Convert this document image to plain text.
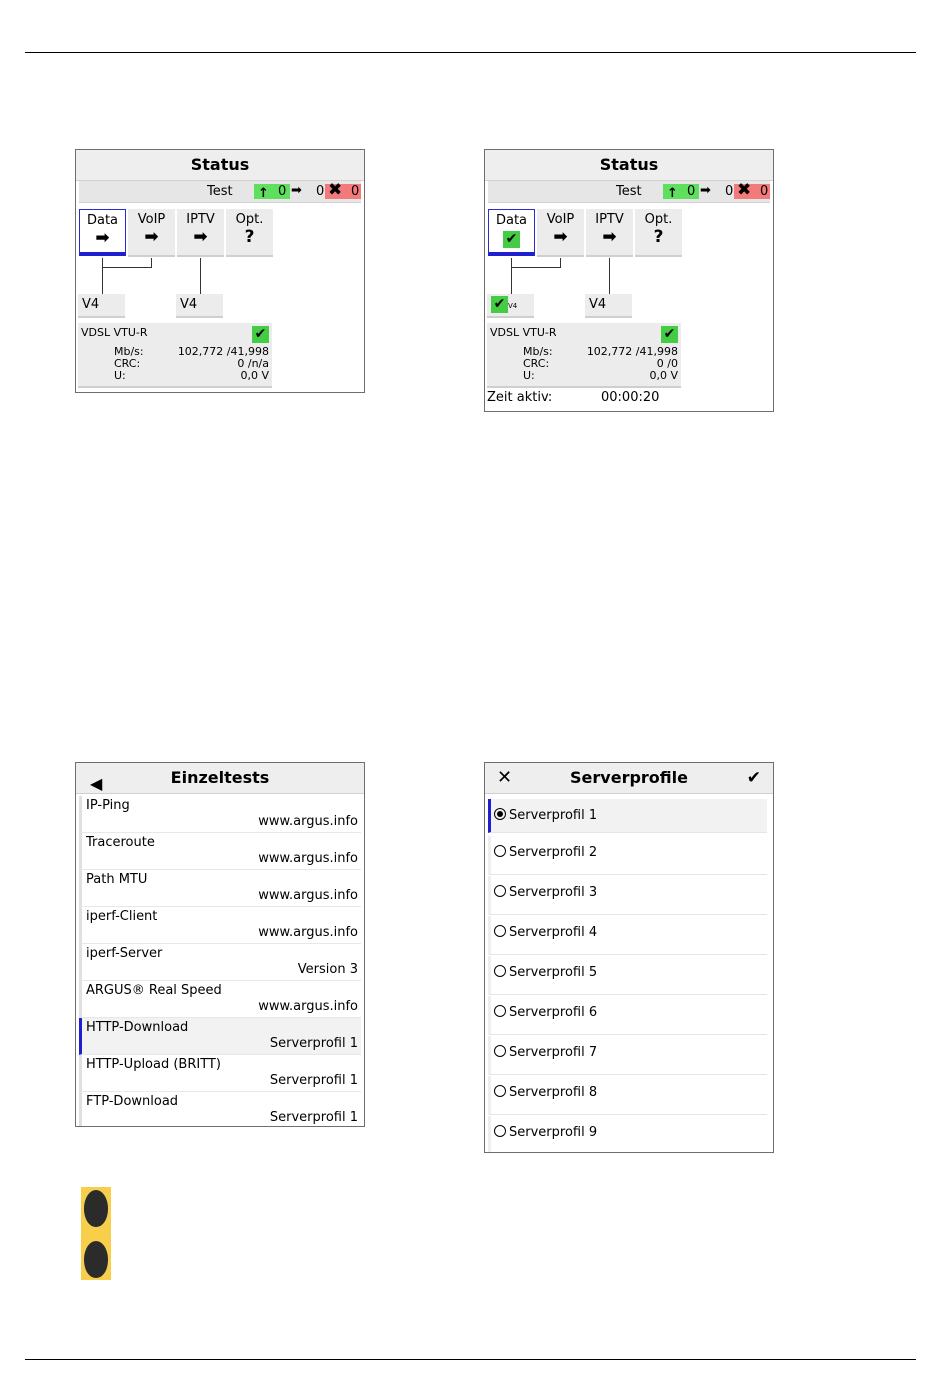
Status
Test ↑ 0 ➡ 0 ✖ 0
Data
➡
VoIP
➡
IPTV
➡
Opt.
?
V4	V4
VDSL VTU-R	✔
Mb/s:	102,772 /41,998
CRC:	0 /n/a
U:	0,0 V
Status
Test ↑ 0 ➡ 0 ✖ 0
Data
✔
VoIP
➡
IPTV
➡
Opt.
?
✔ V4	V4
VDSL VTU-R	✔
Mb/s:	102,772 /41,998
CRC:	0 /0
U:	0,0 V
Zeit aktiv:	00:00:20
◀	Einzeltests
IP-Ping
www.argus.info
Traceroute
www.argus.info
Path MTU
www.argus.info
iperf-Client
www.argus.info
iperf-Server
Version 3
ARGUS® Real Speed
www.argus.info
HTTP-Download
Serverprofil 1
HTTP-Upload (BRITT)
Serverprofil 1
FTP-Download
Serverprofil 1
✕	Serverprofile	✔
Serverprofil 1
Serverprofil 2
Serverprofil 3
Serverprofil 4
Serverprofil 5
Serverprofil 6
Serverprofil 7
Serverprofil 8
Serverprofil 9
